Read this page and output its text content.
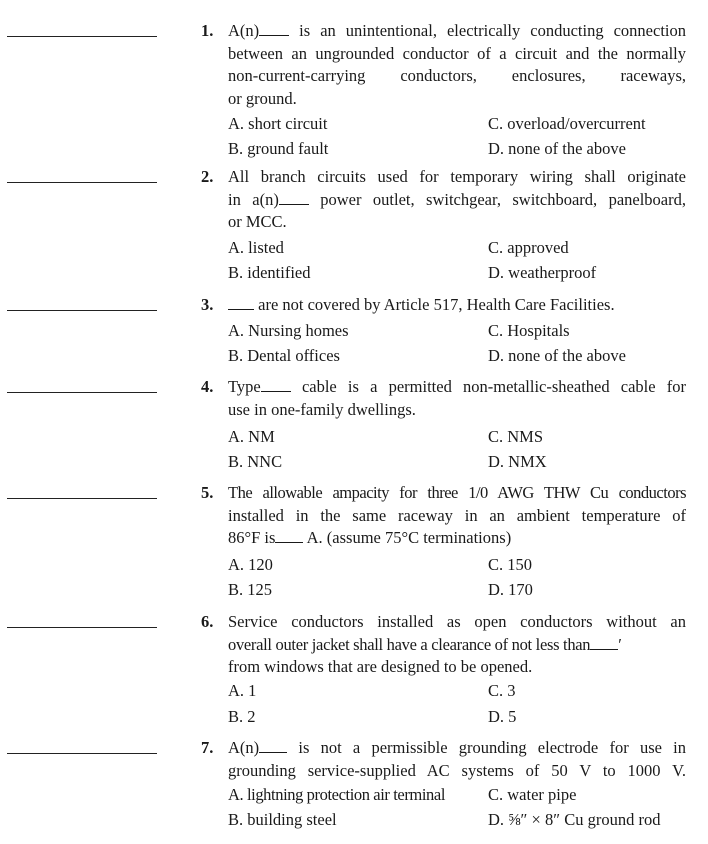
1. A(n) is an unintentional, electrically conducting connection
between an ungrounded conductor of a circuit and the normally
non-current-carrying conductors, enclosures, raceways,
or ground.
A. short circuit	C. overload/overcurrent
B. ground fault	D. none of the above
2. All branch circuits used for temporary wiring shall originate
in a(n) power outlet, switchgear, switchboard, panelboard,
or MCC.
A. listed	C. approved
B. identified	D. weatherproof
3.	are not covered by Article 517, Health Care Facilities.
A. Nursing homes	C. Hospitals
B. Dental offices	D. none of the above
4. Type cable is a permitted non-metallic-sheathed cable for
use in one-family dwellings.
A. NM	C. NMS
B. NNC	D. NMX
5. The allowable ampacity for three 1/0 AWG THW Cu conductors
installed in the same raceway in an ambient temperature of
86°F is A. (assume 75°C terminations)
A. 120	C. 150
B. 125	D. 170
6. Service conductors installed as open conductors without an
overall outer jacket shall have a clearance of not less than ′
from windows that are designed to be opened.
A. 1	C. 3
B. 2	D. 5
7. A(n) is not a permissible grounding electrode for use in
grounding service-supplied AC systems of 50 V to 1000 V.
A. lightning protection air terminal	C. water pipe
B. building steel	D. ⅝″ × 8″ Cu ground rod
